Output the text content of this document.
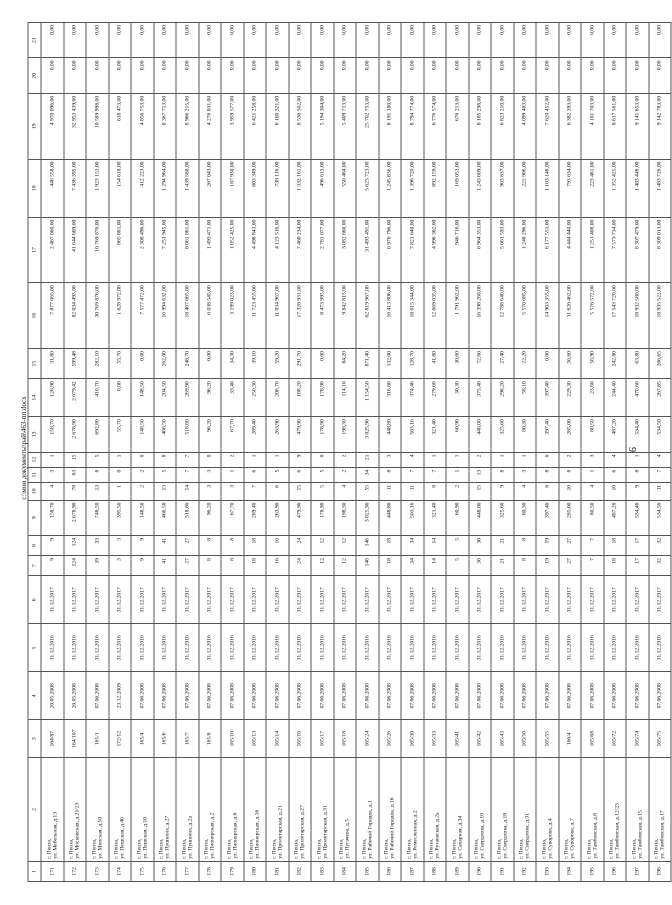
9
c:\мои документы\рай\463-пп.docx
1	2	3	4	5	6	7	8	9	10	11	12	13	14	15	16	17	18	19	20	21
171	г. Пенза,
ул. Мебельная, д.13	164/87	20.05.2008	31.12.2016	31.12.2017	9	9	158,70	4	3	1	158,70	126,90	31,80	7 877 665,00	2 467 060,00	446 558,00	4 970 096,00	0,00	0,00
172	г. Пенза,
ул. Московская, д.21/23	164/107	20.05.2008	31.12.2016	31.12.2017	124	124	2 678,90	78	63	15	2 678,90	2 079,42	599,48	82 034 493,00	41 644 609,00	7 436 395,00	32 953 439,00	0,00	0,00
173	г. Пенза,
ул. Минская, д.50	165/1	07.06.2008	31.12.2016	31.12.2017	39	33	748,50	13	8	5	692,80	410,70	282,10	30 769 876,00	10 769 876,00	1 923 153,00	10 589 998,00	0,00	0,00
174	г. Пенза,
ул. Пешская, д.46	172/12	23.12.2009	31.12.2016	31.12.2017	3	3	395,50	1	0	1	55,70	0,00	55,70	1 628 972,00	865 881,00	154 618,00	618 473,00	0,00	0,00
175	г. Пенза,
ул. Пешская, д.10	165/4	07.06.2008	31.12.2016	31.12.2017	9	9	148,50	2	2	0	148,50	148,50	0,00	7 577 472,00	2 308 496,00	412 223,00	4 856 753,00	0,00	0,00
176	г. Пенза,
ул. Пушкина, д.27	165/6	07.06.2008	31.12.2016	31.12.2017	41	41	466,50	13	5	8	466,50	204,50	262,00	16 994 632,00	7 251 945,00	1 294 964,00	8 367 713,00	0,00	0,00
177	г. Пенза,
ул. Пушкина, д.2а	165/7	07.06.2008	31.12.2016	31.12.2017	27	27	518,60	14	7	7	518,60	269,90	248,70	18 467 665,00	8 061 861,00	1 439 580,00	8 966 215,00	0,00	0,00
178	г. Пенза,
ул. Пионерская, д.2	165/8	07.06.2008	31.12.2016	31.12.2017	8	8	96,20	3	3	0	96,20	96,20	0,00	6 038 545,00	1 493 471,00	267 043,00	4 276 031,00	0,00	0,00
179	г. Пенза,
ул. Пионерская, д.6	165/10	07.06.2008	31.12.2016	31.12.2017	8	8	67,70	3	1	2	67,70	33,40	34,30	3 199 023,00	1 052 425,00	187 930,00	3 959 577,00	0,00	0,00
180	г. Пенза,
ул. Пионерская, д.16	165/13	07.06.2008	31.12.2016	31.12.2017	18	18	289,40	7	6	1	289,40	250,30	39,10	11 723 455,00	4 498 843,00	803 349,00	6 421 258,00	0,00	0,00
181	г. Пенза,
ул. Пролетарская, д.21	165/14	07.06.2008	31.12.2016	31.12.2017	16	16	263,90	6	5	1	263,90	206,70	59,20	11 034 967,00	4 123 516,00	738 116,00	6 160 321,00	0,00	0,00
182	г. Пенза,
ул. Пролетарская, д.27	165/16	07.06.2008	31.12.2016	31.12.2017	24	24	479,90	15	6	9	479,90	188,20	291,70	17 328 931,00	7 460 234,00	1 332 161,00	8 536 502,00	0,00	0,00
183	г. Пенза,
ул. Пролетарская, д.31	165/17	07.06.2008	31.12.2016	31.12.2017	12	12	178,90	5	5	0	178,90	178,90	0,00	8 473 995,00	2 781 077,00	496 613,00	5 194 304,00	0,00	0,00
184	г. Пенза,
ул. Пугачева, д.5	165/18	07.06.2008	31.12.2016	31.12.2017	12	12	198,30	4	2	2	198,30	114,10	84,20	9 842 815,00	3 082 660,00	550 464,00	5 409 713,00	0,00	0,00
185	г. Пенза,
ул. Рабочий Городок, д.1	165/24	07.06.2008	31.12.2016	31.12.2017	146	146	3 025,90	55	34	21	3 025,90	1 154,50	871,40	62 819 967,00	31 493 491,00	5 623 723,00	25 702 753,00	0,00	0,00
186	г. Пенза,
ул. Рабочий Городок, д.16	165/26	07.06.2008	31.12.2016	31.12.2017	18	18	448,80	11	8	3	448,80	316,80	132,00	16 413 806,00	6 976 796,00	1 245 836,00	8 191 180,00	0,00	0,00
187	г. Пенза,
ул. Ремесленная, д.2	165/30	07.06.2008	31.12.2016	31.12.2017	34	34	503,16	11	7	4	503,16	374,46	128,70	18 015 344,00	7 821 640,00	1 396 720,00	8 794 774,00	0,00	0,00
188	г. Пенза,
ул. Рузаевская, д.2а	165/33	07.06.2008	31.12.2016	31.12.2017	14	14	321,40	8	7	1	321,40	279,60	41,80	12 669 035,00	4 996 302,00	892 159,00	6 776 574,00	0,00	0,00
189	г. Пенза,
ул. Сахарная, д.34	165/41	07.06.2008	31.12.2016	31.12.2017	5	5	60,90	2	1	1	60,90	30,30	30,60	1 791 962,00	946 716,00	169 053,00	676 213,00	0,00	0,00
190	г. Пенза,
ул. Свердлова, д.10	165/42	07.06.2008	31.12.2016	31.12.2017	30	30	448,00	15	13	2	448,00	375,40	72,60	16 398 260,00	6 964 353,00	1 243 609,00	8 185 298,00	0,00	0,00
191	г. Пенза,
ул. Свердлова, д.18	165/43	07.06.2008	31.12.2016	31.12.2017	21	21	325,60	9	8	1	325,60	298,20	27,40	12 788 640,00	5 061 593,00	903 837,00	6 823 210,00	0,00	0,00
192	г. Пенза,
ул. Свердлова, д.31	165/50	07.06.2008	31.12.2016	31.12.2017	8	8	80,30	4	3	1	80,30	58,10	22,20	5 570 685,00	1 248 296,00	222 906,00	4 099 483,00	0,00	0,00
193	г. Пенза,
ул. Суворова, д.4	165/55	07.06.2008	31.12.2016	31.12.2017	19	19	397,40	8	8	0	397,40	397,40	0,00	14 903 355,00	6 177 553,00	1 103 148,00	7 620 452,00	0,00	0,00
194	г. Пенза,
ул. Суворова, д.7	166/4	07.06.2008	31.12.2016	31.12.2017	27	27	285,00	10	8	2	285,00	229,30	56,60	11 626 462,00	4 444 440,00	793 634,00	6 382 393,00	0,00	0,00
195	г. Пенза,
ул. Тамбовская, д.8	165/68	07.06.2008	31.12.2016	31.12.2017	7	7	80,50	4	1	3	80,50	23,60	56,90	5 576 572,00	1 251 408,00	223 461,00	4 101 703,00	0,00	0,00
196	г. Пенза,
ул. Тамбовская, д.12/23	165/72	07.06.2008	31.12.2016	31.12.2017	18	18	487,20	10	6	4	487,20	244,40	242,80	17 543 720,00	7 573 734,00	1 352 425,00	8 617 561,00	0,00	0,00
197	г. Пенза,
ул. Тамбовская, д.15	165/74	07.06.2008	31.12.2016	31.12.2017	17	17	534,40	9	8	1	534,40	470,60	63,80	18 932 580,00	8 307 479,00	1 483 448,00	9 141 653,00	0,00	0,00
198	г. Пенза,
ул. Тамбовская, д.17	165/75	07.06.2008	31.12.2016	31.12.2017	32	32	534,50	11	7	4	534,50	267,85	266,65	18 935 522,00	8 309 013,00	1 483 726,00	9 142 783,00	0,00	0,00
